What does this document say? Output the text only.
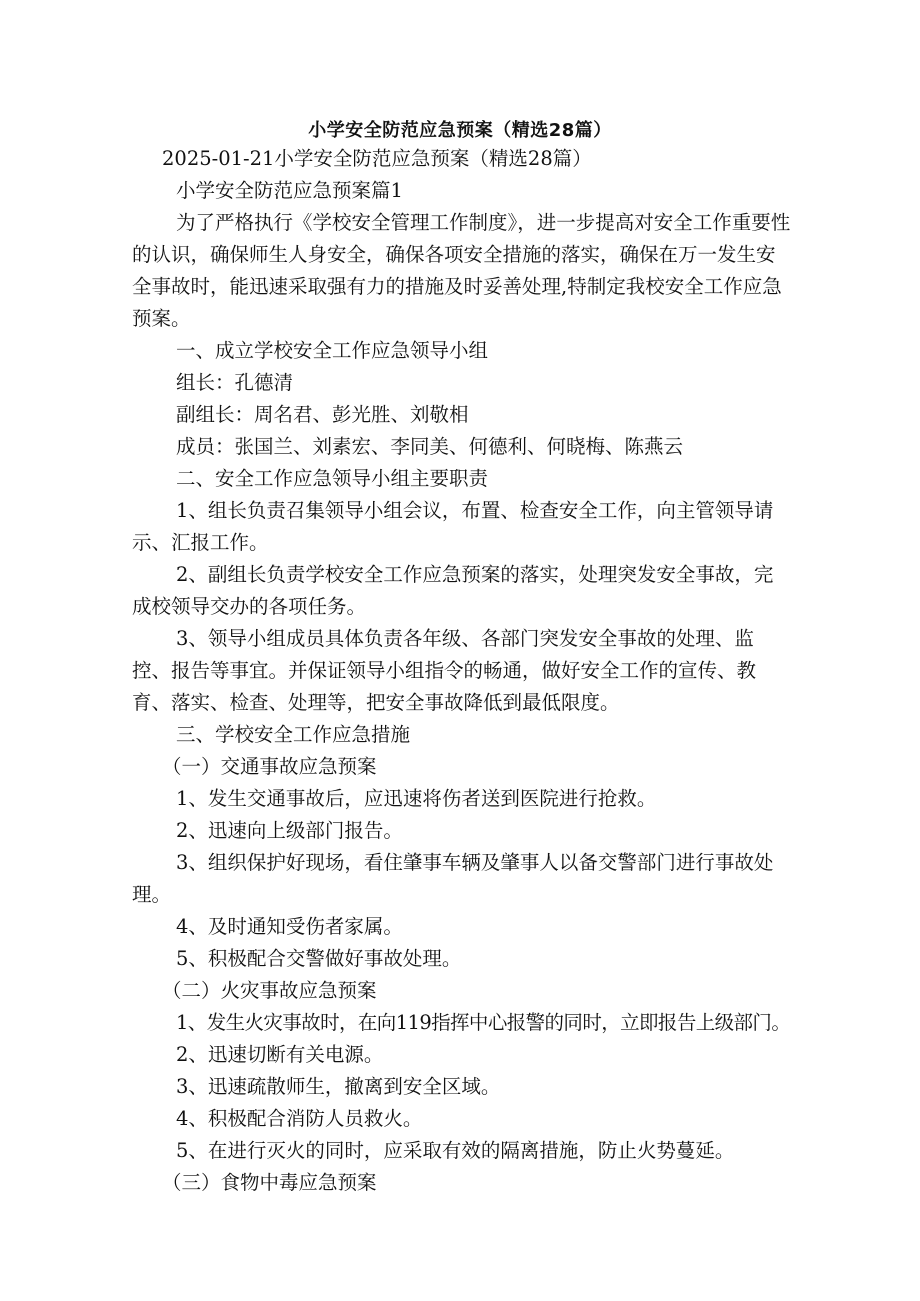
小学安全防范应急预案（精选28篇）

2025-01-21小学安全防范应急预案（精选28篇）

小学安全防范应急预案篇1

为了严格执行《学校安全管理工作制度》，进一步提高对安全工作重要性的认识，确保师生人身安全，确保各项安全措施的落实，确保在万一发生安全事故时，能迅速采取强有力的措施及时妥善处理,特制定我校安全工作应急预案。

一、成立学校安全工作应急领导小组

组长：孔德清

副组长：周名君、彭光胜、刘敬相

成员：张国兰、刘素宏、李同美、何德利、何晓梅、陈燕云

二、安全工作应急领导小组主要职责

1、组长负责召集领导小组会议，布置、检查安全工作，向主管领导请示、汇报工作。

2、副组长负责学校安全工作应急预案的落实，处理突发安全事故，完成校领导交办的各项任务。

3、领导小组成员具体负责各年级、各部门突发安全事故的处理、监控、报告等事宜。并保证领导小组指令的畅通，做好安全工作的宣传、教育、落实、检查、处理等，把安全事故降低到最低限度。

三、学校安全工作应急措施

（一）交通事故应急预案

1、发生交通事故后，应迅速将伤者送到医院进行抢救。

2、迅速向上级部门报告。

3、组织保护好现场，看住肇事车辆及肇事人以备交警部门进行事故处理。

4、及时通知受伤者家属。

5、积极配合交警做好事故处理。

（二）火灾事故应急预案

1、发生火灾事故时，在向119指挥中心报警的同时，立即报告上级部门。

2、迅速切断有关电源。

3、迅速疏散师生，撤离到安全区域。

4、积极配合消防人员救火。

5、在进行灭火的同时，应采取有效的隔离措施，防止火势蔓延。

（三）食物中毒应急预案
